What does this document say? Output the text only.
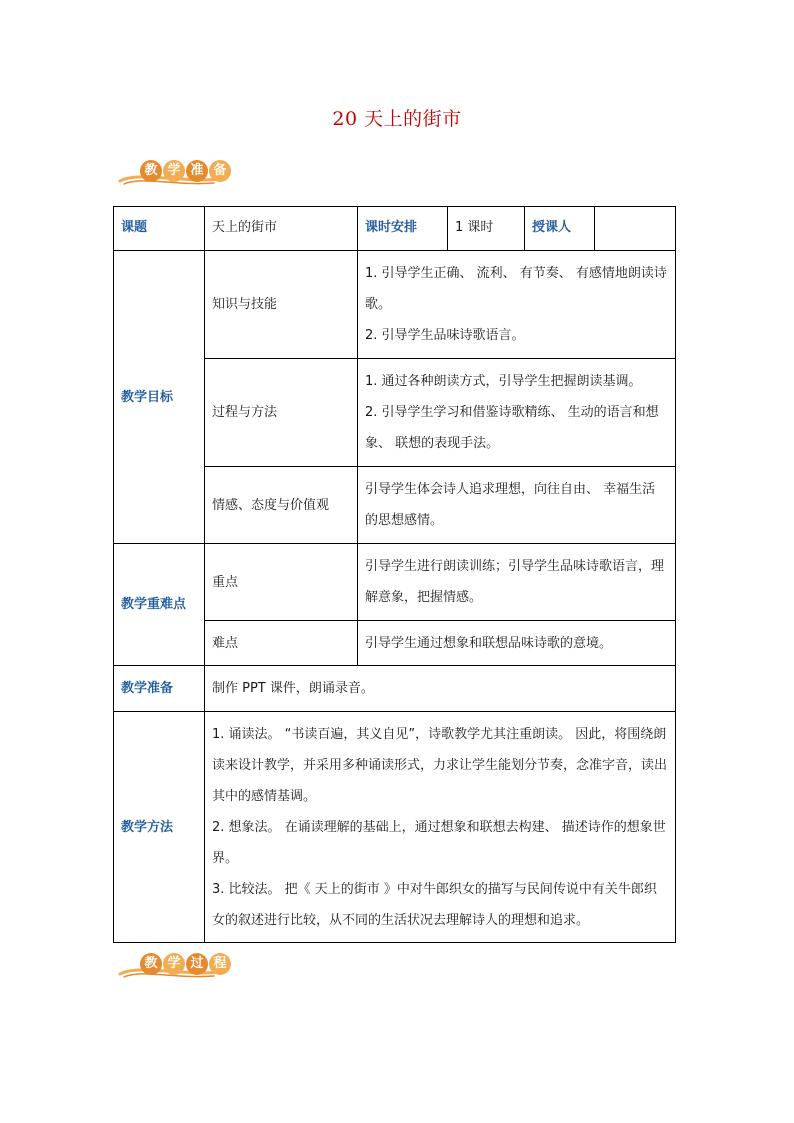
20 天上的街市
教 学 准 备
课题	天上的街市	课时安排	1 课时	授课人	
教学目标	知识与技能	1. 引导学生正确、 流利、 有节奏、 有感情地朗读诗歌。
2. 引导学生品味诗歌语言。			

	过程与方法	1. 通过各种朗读方式，引导学生把握朗读基调。
2. 引导学生学习和借鉴诗歌精练、 生动的语言和想象、 联想的表现手法。			

	情感、态度与价值观	引导学生体会诗人追求理想，向往自由、 幸福生活的思想感情。			
教学重难点	重点	引导学生进行朗读训练；引导学生品味诗歌语言，理解意象，把握情感。			
	难点	引导学生通过想象和联想品味诗歌的意境。			
教学准备	制作 PPT 课件，朗诵录音。				
教学方法	1. 诵读法。 “书读百遍，其义自见”，诗歌教学尤其注重朗读。 因此，将围绕朗读来设计教学，并采用多种诵读形式，力求让学生能划分节奏，念准字音，读出其中的感情基调。
2. 想象法。 在诵读理解的基础上，通过想象和联想去构建、 描述诗作的想象世界。
3. 比较法。 把《 天上的街市 》中对牛郎织女的描写与民间传说中有关牛郎织女的叙述进行比较，从不同的生活状况去理解诗人的理想和追求。				
教 学 过 程
